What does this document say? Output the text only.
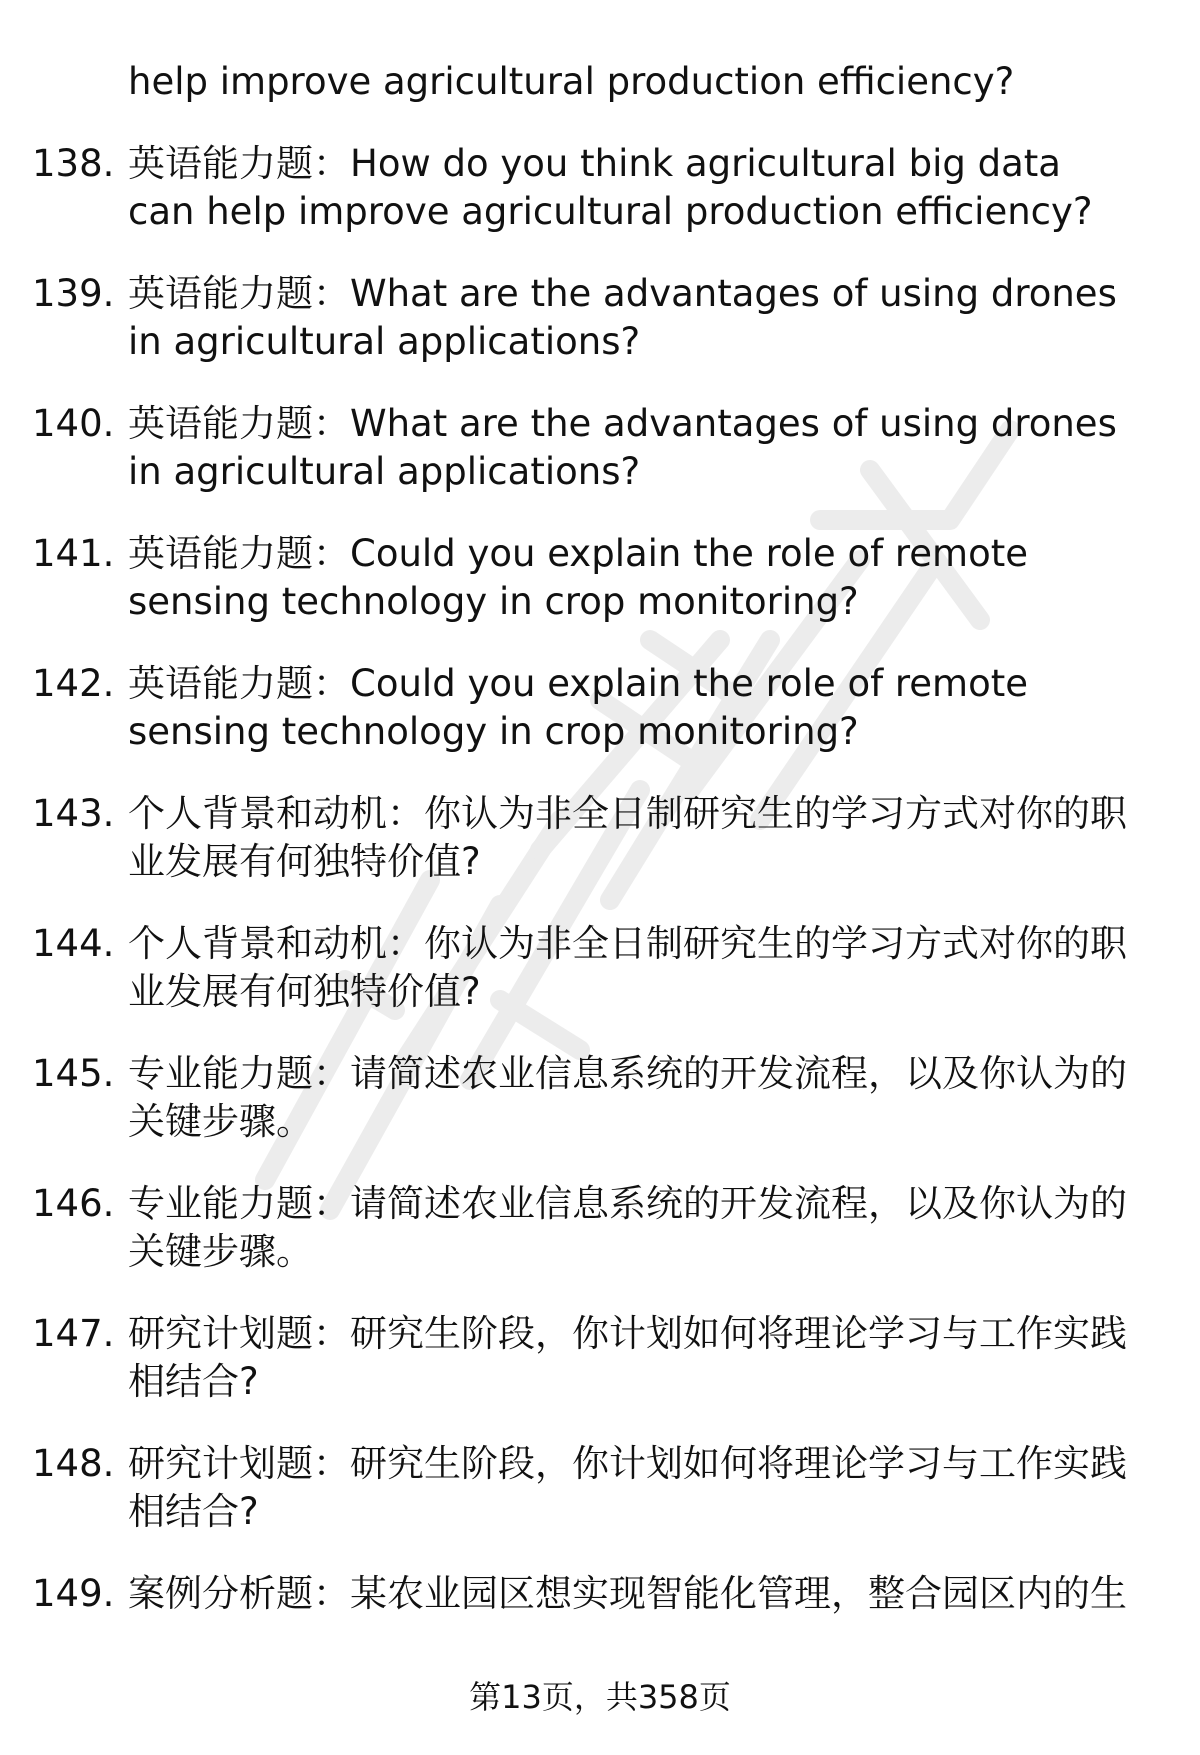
help improve agricultural production efficiency?
138. 英语能力题：How do you think agricultural big data can help improve agricultural production efficiency?
139. 英语能力题：What are the advantages of using drones in agricultural applications?
140. 英语能力题：What are the advantages of using drones in agricultural applications?
141. 英语能力题：Could you explain the role of remote sensing technology in crop monitoring?
142. 英语能力题：Could you explain the role of remote sensing technology in crop monitoring?
143. 个人背景和动机：你认为非全日制研究生的学习方式对你的职业发展有何独特价值?
144. 个人背景和动机：你认为非全日制研究生的学习方式对你的职业发展有何独特价值?
145. 专业能力题：请简述农业信息系统的开发流程，以及你认为的关键步骤。
146. 专业能力题：请简述农业信息系统的开发流程，以及你认为的关键步骤。
147. 研究计划题：研究生阶段，你计划如何将理论学习与工作实践相结合?
148. 研究计划题：研究生阶段，你计划如何将理论学习与工作实践相结合?
149. 案例分析题：某农业园区想实现智能化管理，整合园区内的生
第13页，共358页
